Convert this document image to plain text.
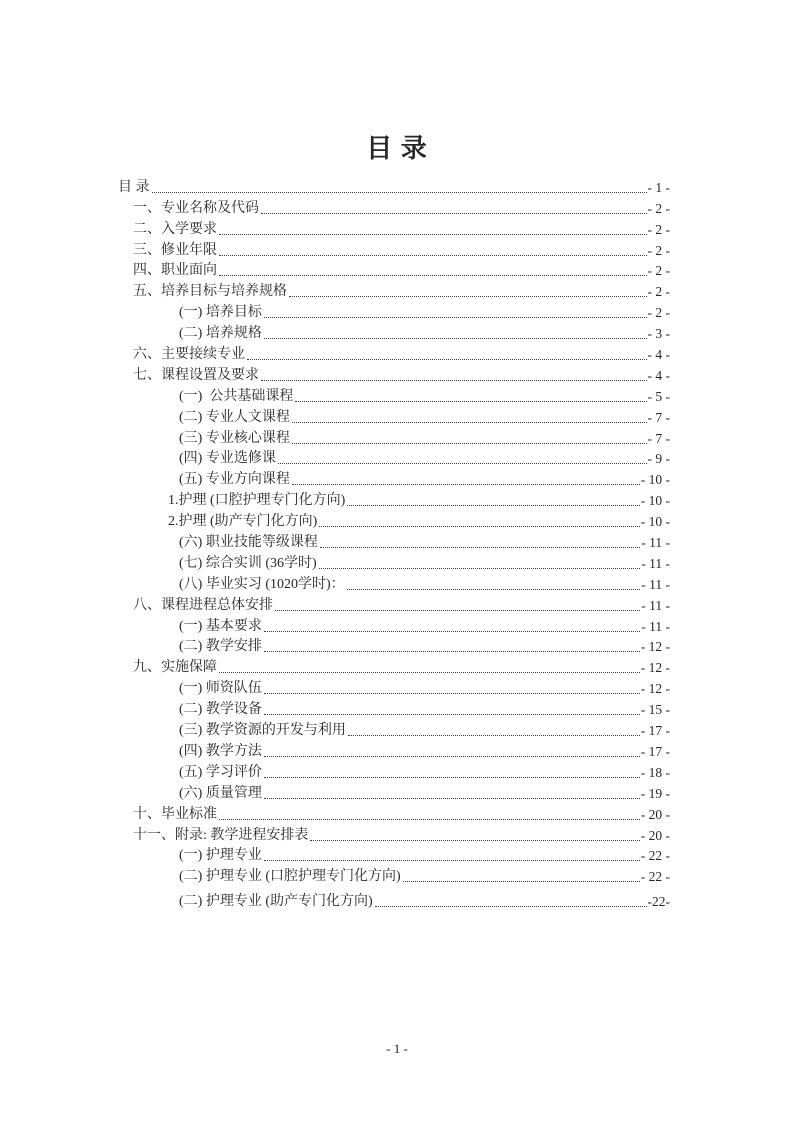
目 录
目 录	- 1 -
一、专业名称及代码	- 2 -
二、入学要求	- 2 -
三、修业年限	- 2 -
四、职业面向	- 2 -
五、培养目标与培养规格	- 2 -
(一) 培养目标	- 2 -
(二) 培养规格	- 3 -
六、主要接续专业	- 4 -
七、课程设置及要求	- 4 -
(一)  公共基础课程	- 5 -
(二) 专业人文课程	- 7 -
(三) 专业核心课程	- 7 -
(四) 专业选修课	- 9 -
(五) 专业方向课程	- 10 -
1.护理 (口腔护理专门化方向)	- 10 -
2.护理 (助产专门化方向)	- 10 -
(六) 职业技能等级课程	- 11 -
(七) 综合实训 (36学时)	- 11 -
(八) 毕业实习 (1020学时)：	- 11 -
八、课程进程总体安排	- 11 -
(一) 基本要求	- 11 -
(二) 教学安排	- 12 -
九、实施保障	- 12 -
(一) 师资队伍	- 12 -
(二) 教学设备	- 15 -
(三) 教学资源的开发与利用	- 17 -
(四) 教学方法	- 17 -
(五) 学习评价	- 18 -
(六) 质量管理	- 19 -
十、毕业标准	- 20 -
十一、附录: 教学进程安排表	- 20 -
(一) 护理专业	- 22 -
(二) 护理专业 (口腔护理专门化方向)	- 22 -
(二) 护理专业 (助产专门化方向)	-22-
- 1 -
